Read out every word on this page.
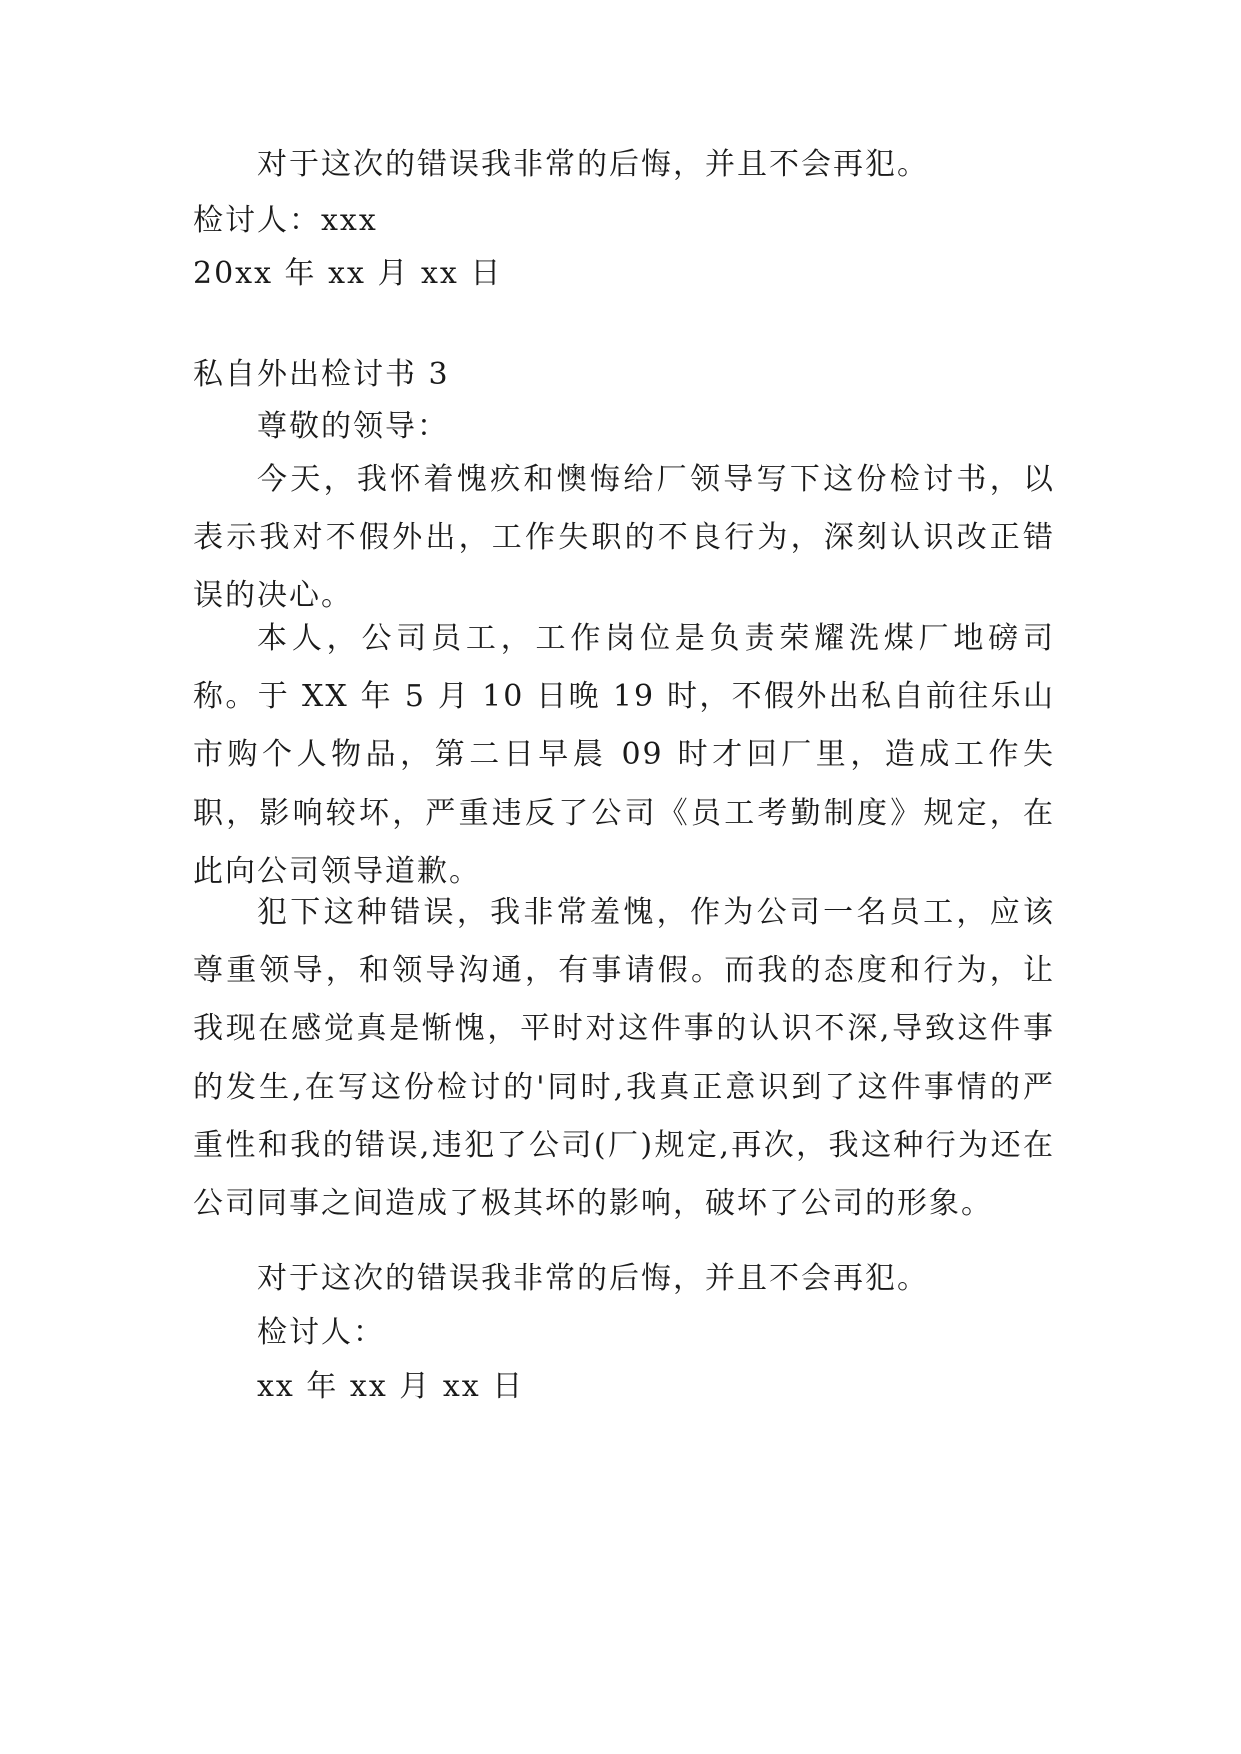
对于这次的错误我非常的后悔，并且不会再犯。
检讨人：xxx
20xx 年 xx 月 xx 日
私自外出检讨书 3
尊敬的领导：

今天，我怀着愧疚和懊悔给厂领导写下这份检讨书，以表示我对不假外出，工作失职的不良行为，深刻认识改正错误的决心。

本人，公司员工，工作岗位是负责荣耀洗煤厂地磅司称。于 XX 年 5 月 10 日晚 19 时，不假外出私自前往乐山市购个人物品，第二日早晨 09 时才回厂里，造成工作失职，影响较坏，严重违反了公司《员工考勤制度》规定，在此向公司领导道歉。

犯下这种错误，我非常羞愧，作为公司一名员工，应该尊重领导，和领导沟通，有事请假。而我的态度和行为，让我现在感觉真是惭愧，平时对这件事的认识不深,导致这件事的发生,在写这份检讨的'同时,我真正意识到了这件事情的严重性和我的错误,违犯了公司(厂)规定,再次，我这种行为还在公司同事之间造成了极其坏的影响，破坏了公司的形象。

对于这次的错误我非常的后悔，并且不会再犯。
检讨人：
xx 年 xx 月 xx 日
